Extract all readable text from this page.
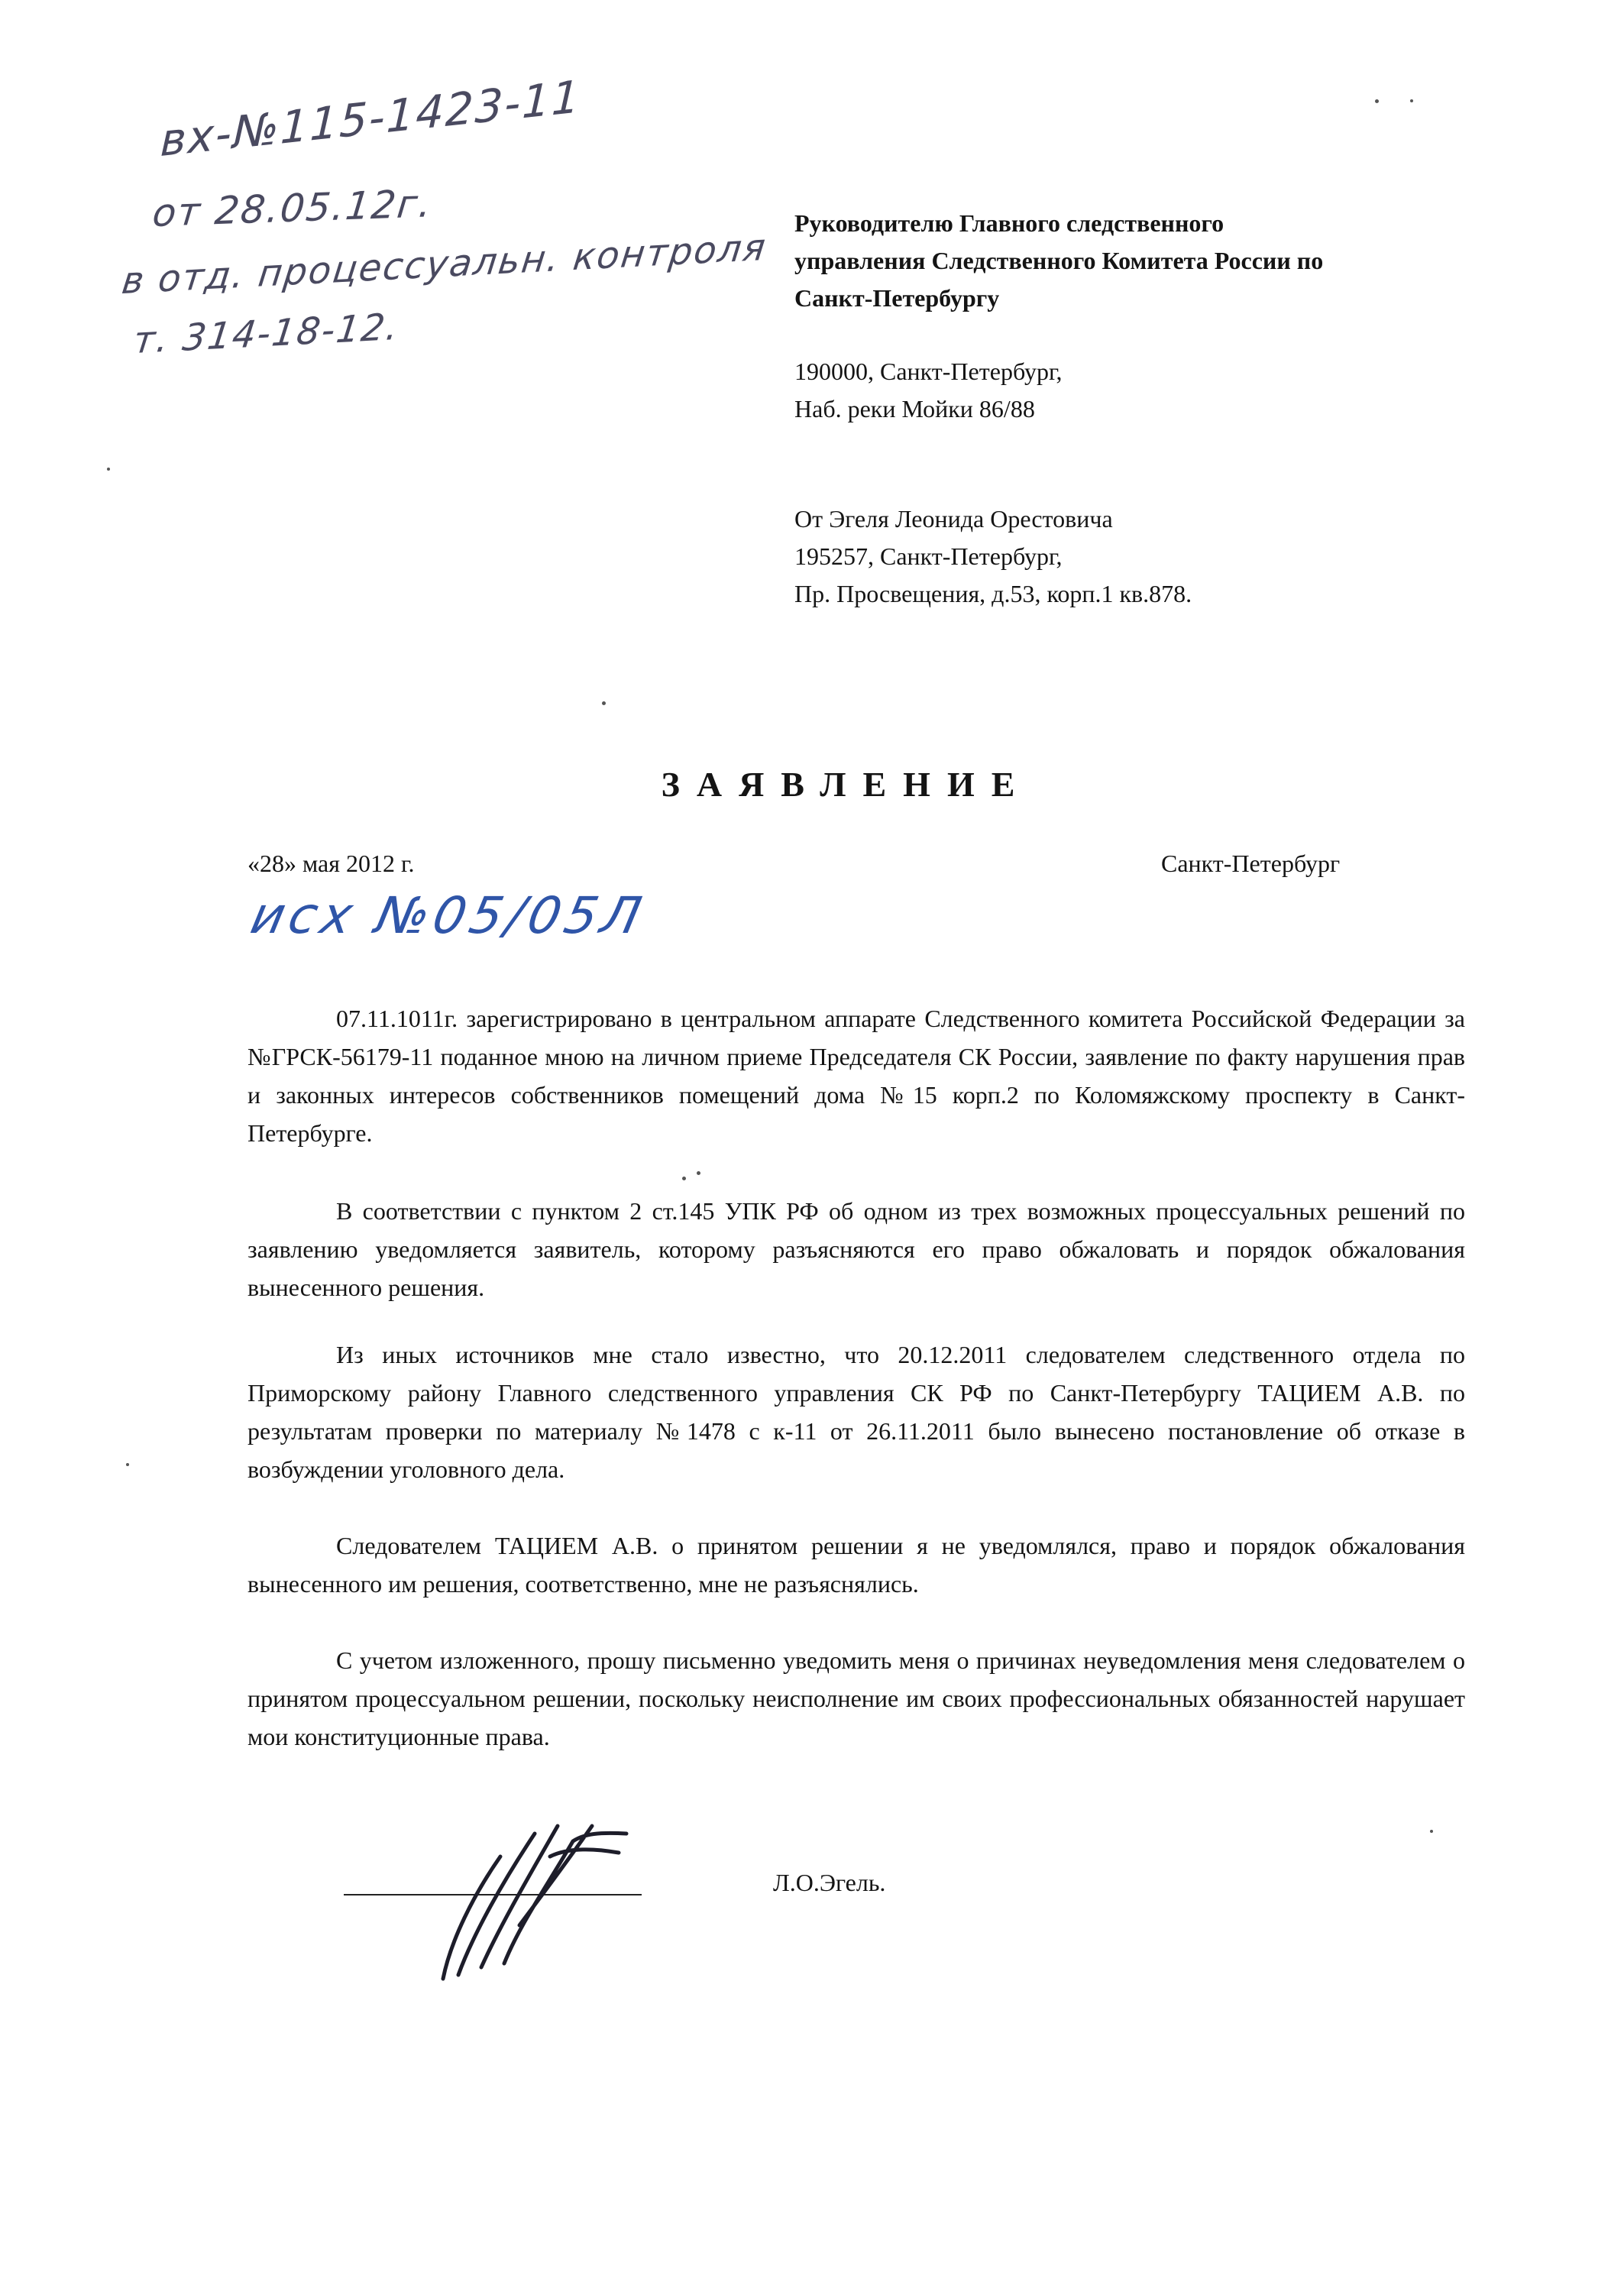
вх-№115-1423-11
от 28.05.12г.
в отд. процессуальн. контроля
т. 314-18-12.
Руководителю Главного следственного
управления Следственного Комитета России по
Санкт-Петербургу
190000, Санкт-Петербург,
Наб. реки Мойки 86/88
От Эгеля Леонида Орестовича
195257, Санкт-Петербург,
Пр. Просвещения, д.53, корп.1 кв.878.
ЗАЯВЛЕНИЕ
«28» мая 2012 г.	Санкт-Петербург
исх №05/05Л

07.11.1011г. зарегистрировано в центральном аппарате Следственного комитета Российской Федерации за №ГРСК-56179-11 поданное мною на личном приеме Председателя СК России, заявление по факту нарушения прав и законных интересов собственников помещений дома №15 корп.2 по Коломяжскому проспекту в Санкт-Петербурге.

В соответствии с пунктом 2 ст.145 УПК РФ об одном из трех возможных процессуальных решений по заявлению уведомляется заявитель, которому разъясняются его право обжаловать и порядок обжалования вынесенного решения.

Из иных источников мне стало известно, что 20.12.2011 следователем следственного отдела по Приморскому району Главного следственного управления СК РФ по Санкт-Петербургу ТАЦИЕМ А.В. по результатам проверки по материалу №1478 с к-11 от 26.11.2011 было вынесено постановление об отказе в возбуждении уголовного дела.

Следователем ТАЦИЕМ А.В. о принятом решении я не уведомлялся, право и порядок обжалования вынесенного им решения, соответственно, мне не разъяснялись.

С учетом изложенного, прошу письменно уведомить меня о причинах неуведомления меня следователем о принятом процессуальном решении, поскольку неисполнение им своих профессиональных обязанностей нарушает мои конституционные права.

Л.О.Эгель.
